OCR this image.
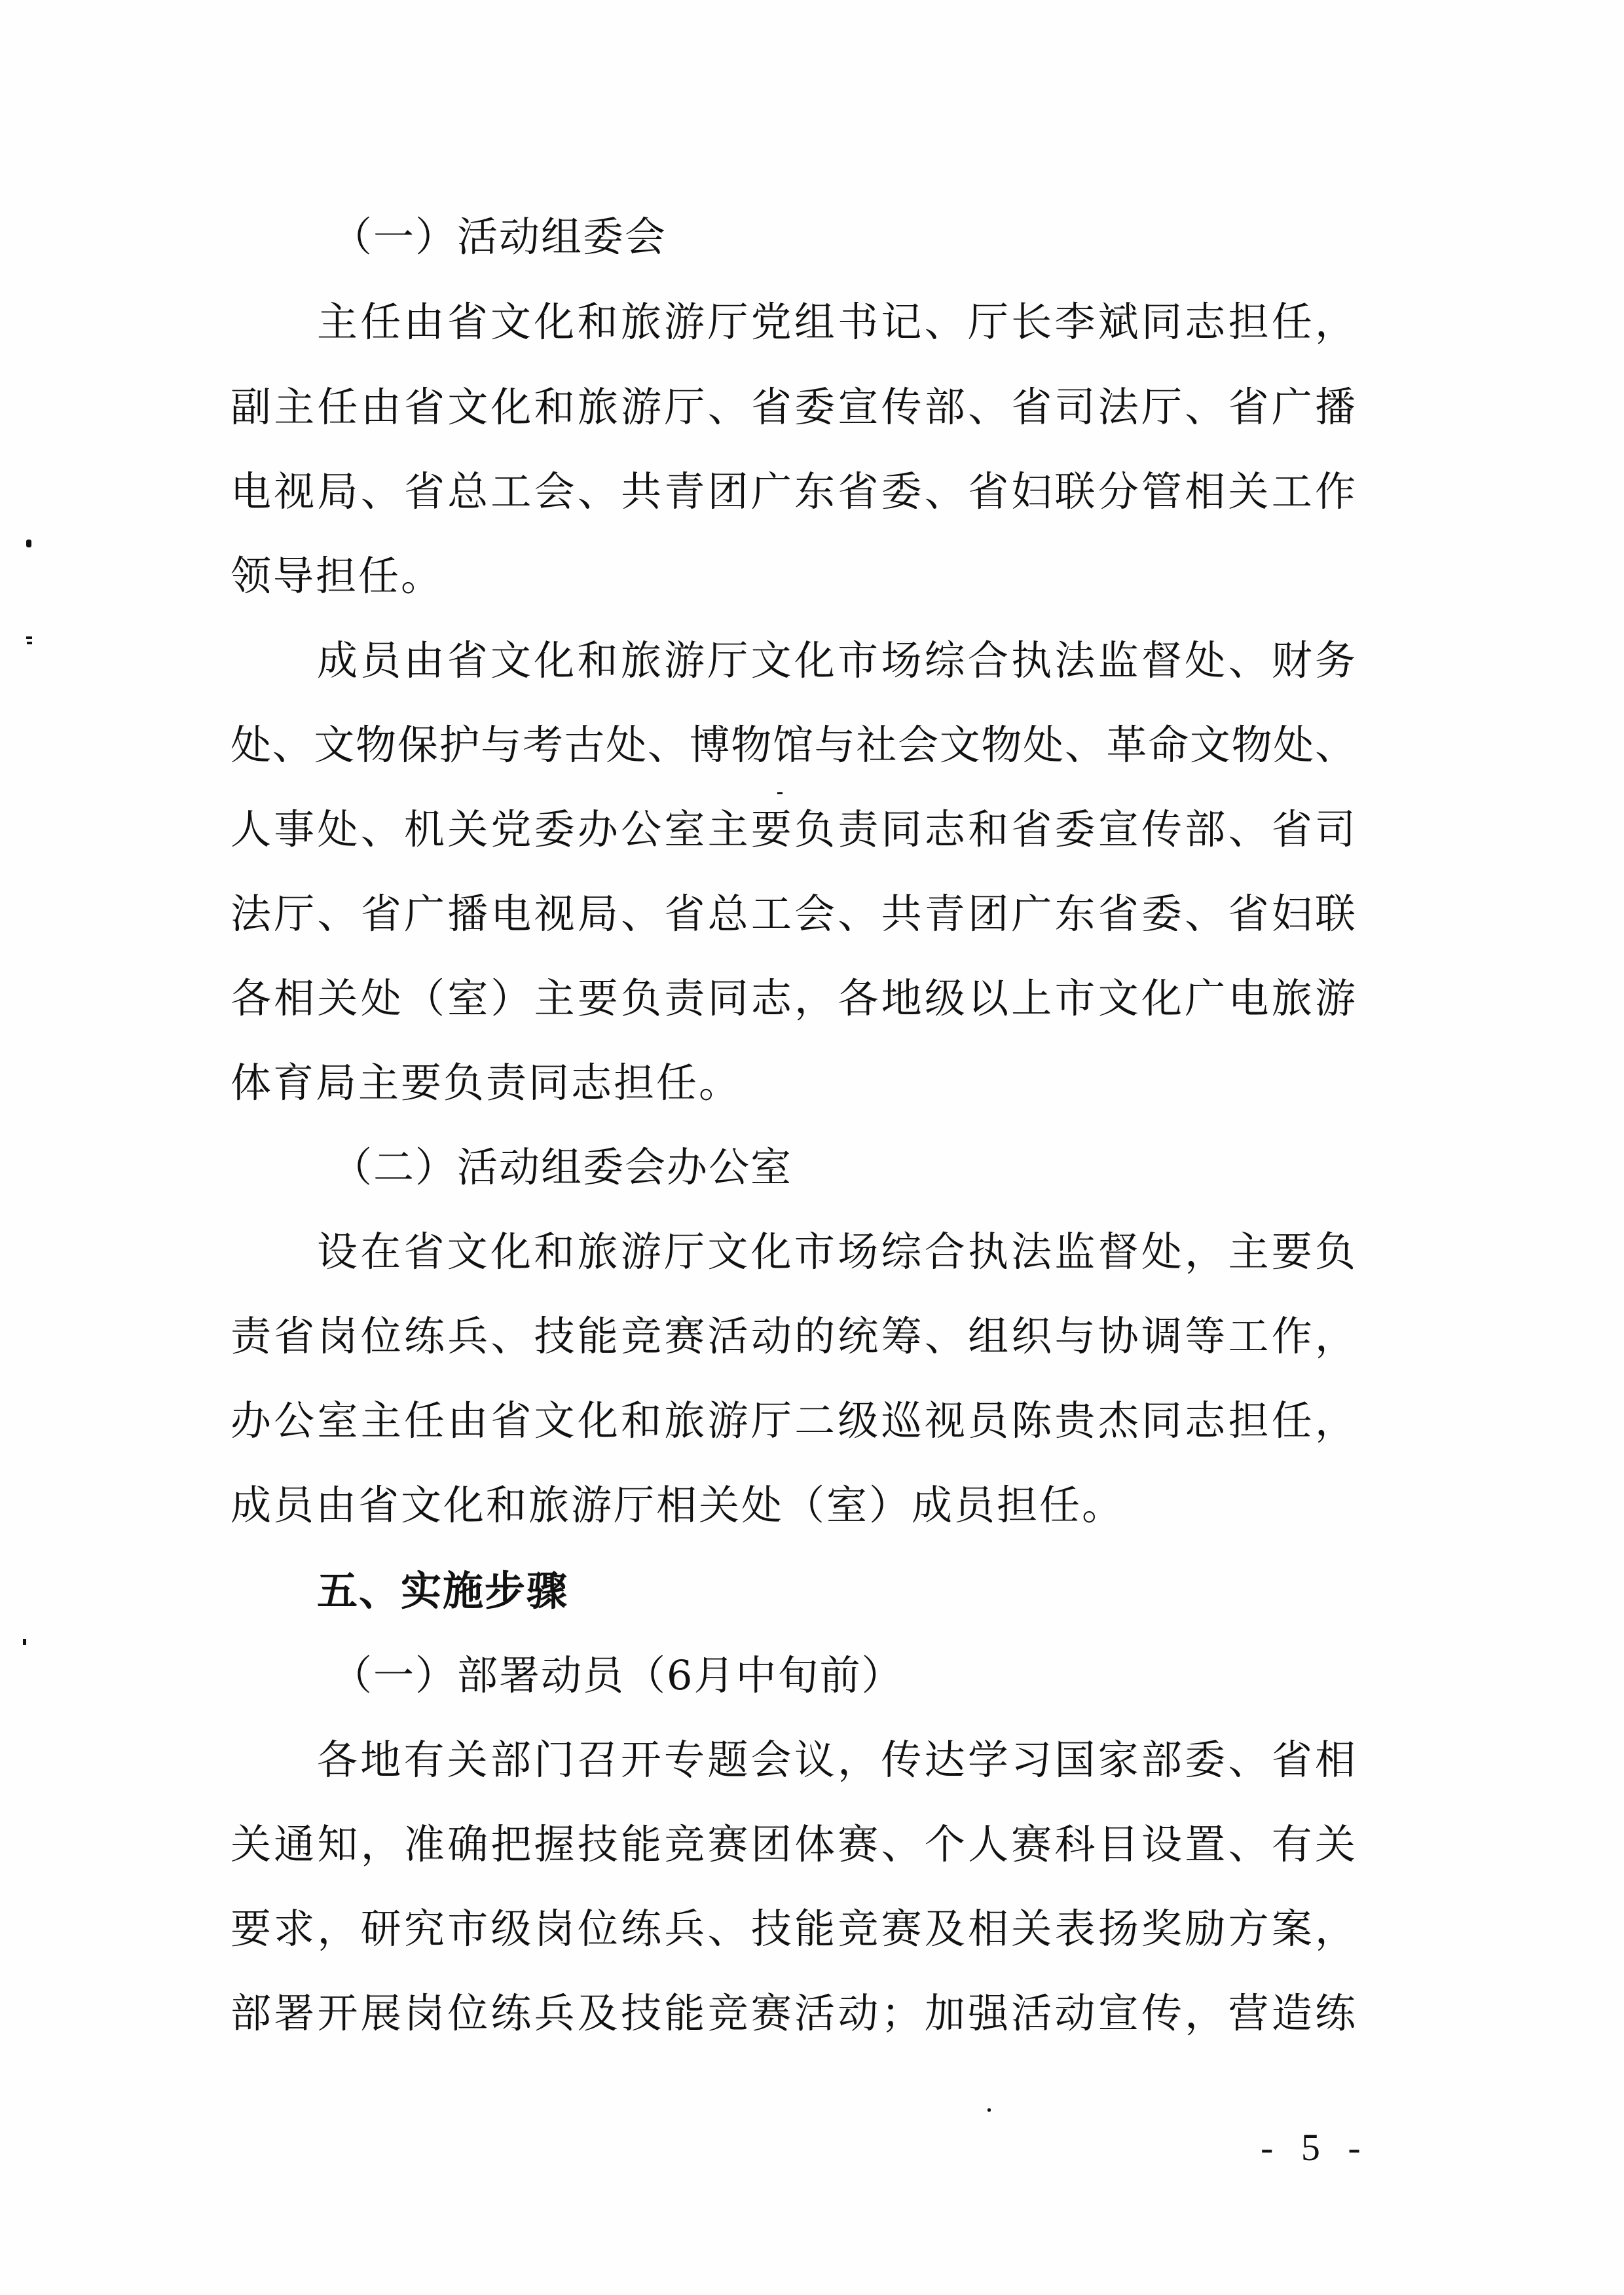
（一）活动组委会
主任由省文化和旅游厅党组书记、厅长李斌同志担任，
副主任由省文化和旅游厅、省委宣传部、省司法厅、省广播
电视局、省总工会、共青团广东省委、省妇联分管相关工作
领导担任。
成员由省文化和旅游厅文化市场综合执法监督处、财务
处、文物保护与考古处、博物馆与社会文物处、革命文物处、
人事处、机关党委办公室主要负责同志和省委宣传部、省司
法厅、省广播电视局、省总工会、共青团广东省委、省妇联
各相关处（室）主要负责同志，各地级以上市文化广电旅游
体育局主要负责同志担任。
（二）活动组委会办公室
设在省文化和旅游厅文化市场综合执法监督处，主要负
责省岗位练兵、技能竞赛活动的统筹、组织与协调等工作，
办公室主任由省文化和旅游厅二级巡视员陈贵杰同志担任，
成员由省文化和旅游厅相关处（室）成员担任。
五、实施步骤
（一）部署动员（6月中旬前）
各地有关部门召开专题会议，传达学习国家部委、省相
关通知，准确把握技能竞赛团体赛、个人赛科目设置、有关
要求，研究市级岗位练兵、技能竞赛及相关表扬奖励方案，
部署开展岗位练兵及技能竞赛活动；加强活动宣传，营造练
- 5 -
